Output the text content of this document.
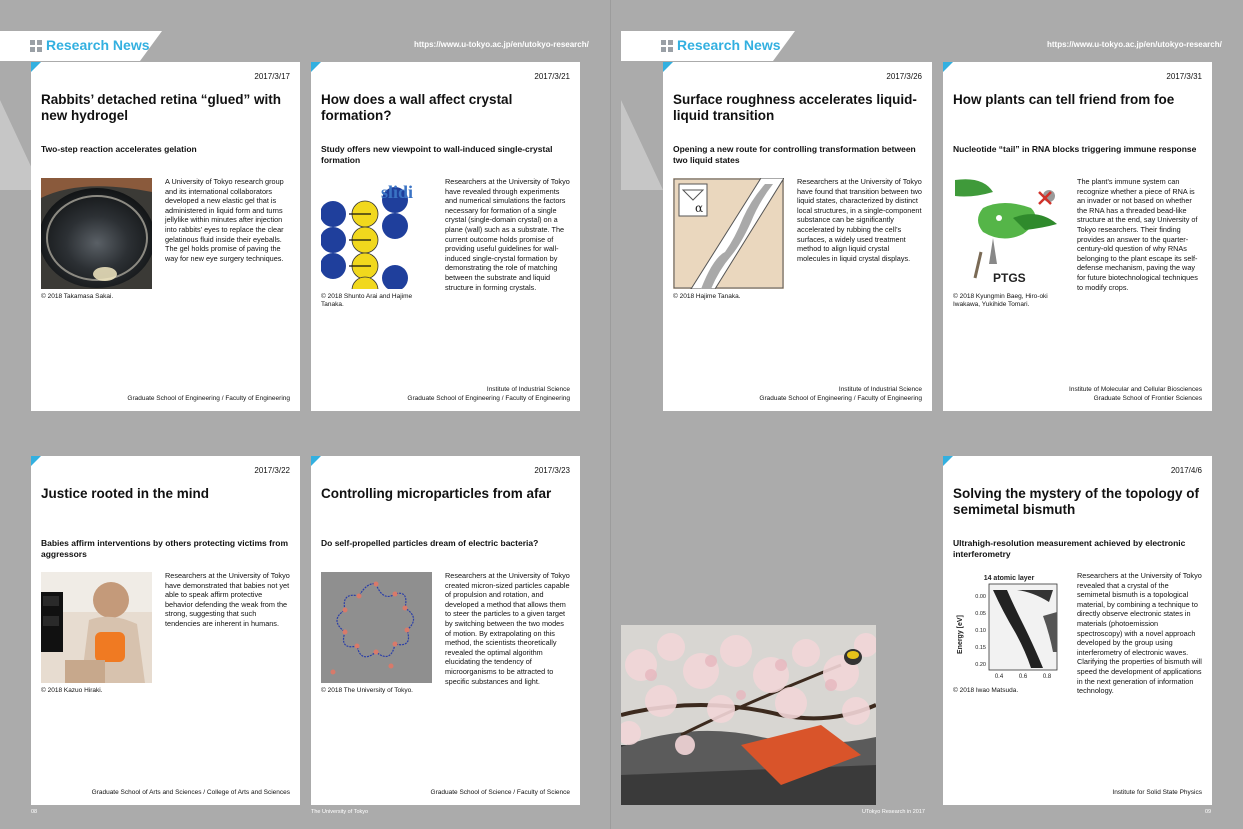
Research News	https://www.u-tokyo.ac.jp/en/utokyo-research/	Research News	https://www.u-tokyo.ac.jp/en/utokyo-research/
2017/3/17
Rabbits’ detached retina “glued” with new hydrogel
Two-step reaction accelerates gelation
© 2018 Takamasa Sakai.
A University of Tokyo research group and its international collaborators developed a new elastic gel that is administered in liquid form and turns jellylike within minutes after injection into rabbits’ eyes to replace the clear gelatinous fluid inside their eyeballs. The gel holds promise of paving the way for new eye surgery techniques.
Graduate School of Engineering / Faculty of Engineering
2017/3/21
How does a wall affect crystal formation?
Study offers new viewpoint to wall-induced single-crystal formation
slidi
© 2018 Shunto Arai and Hajime Tanaka.
Researchers at the University of Tokyo have revealed through experiments and numerical simulations the factors necessary for formation of a single crystal (single-domain crystal) on a plane (wall) such as a substrate. The current outcome holds promise of providing useful guidelines for wall-induced single-crystal formation by demonstrating the role of matching between the substrate and liquid structure in forming crystals.
Institute of Industrial Science
Graduate School of Engineering / Faculty of Engineering
2017/3/26
Surface roughness accelerates liquid-liquid transition
Opening a new route for controlling transformation between two liquid states
α
© 2018 Hajime Tanaka.
Researchers at the University of Tokyo have found that transition between two liquid states, characterized by distinct local structures, in a single-component substance can be significantly accelerated by rubbing the cell’s surfaces, a widely used treatment method to align liquid crystal molecules in liquid crystal displays.
Institute of Industrial Science
Graduate School of Engineering / Faculty of Engineering
2017/3/31
How plants can tell friend from foe
Nucleotide “tail” in RNA blocks triggering immune response
PTGS
© 2018 Kyungmin Baeg, Hiro-oki Iwakawa, Yukihide Tomari.
The plant’s immune system can recognize whether a piece of RNA is an invader or not based on whether the RNA has a threaded bead-like structure at the end, say University of Tokyo researchers. Their finding provides an answer to the quarter-century-old question of why RNAs belonging to the plant escape its self-defense mechanism, paving the way for future biotechnological techniques to modify crops.
Institute of Molecular and Cellular Biosciences
Graduate School of Frontier Sciences
2017/3/22
Justice rooted in the mind
Babies affirm interventions by others protecting victims from aggressors
© 2018 Kazuo Hiraki.
Researchers at the University of Tokyo have demonstrated that babies not yet able to speak affirm protective behavior defending the weak from the strong, suggesting that such tendencies are inherent in humans.
Graduate School of Arts and Sciences / College of Arts and Sciences
2017/3/23
Controlling microparticles from afar
Do self-propelled particles dream of electric bacteria?
© 2018 The University of Tokyo.
Researchers at the University of Tokyo created micron-sized particles capable of propulsion and rotation, and developed a method that allows them to steer the particles to a given target by switching between the two modes of motion. By extrapolating on this method, the scientists theoretically revealed the optimal algorithm elucidating the tendency of microorganisms to be attracted to specific substances and light.
Graduate School of Science / Faculty of Science
2017/4/6
Solving the mystery of the topology of semimetal bismuth
Ultrahigh-resolution measurement achieved by electronic interferometry
14 atomic layer
Energy [eV]
0.00
0.05
0.10
0.15
0.20
0.4	0.6	0.8
© 2018 Iwao Matsuda.
Researchers at the University of Tokyo revealed that a crystal of the semimetal bismuth is a topological material, by combining a technique to directly observe electronic states in materials (photoemission spectroscopy) with a novel approach developed by the group using interferometry of electronic waves. Clarifying the properties of bismuth will speed the development of applications in the next generation of information technology.
Institute for Solid State Physics
08	The University of Tokyo	UTokyo Research in 2017	09
